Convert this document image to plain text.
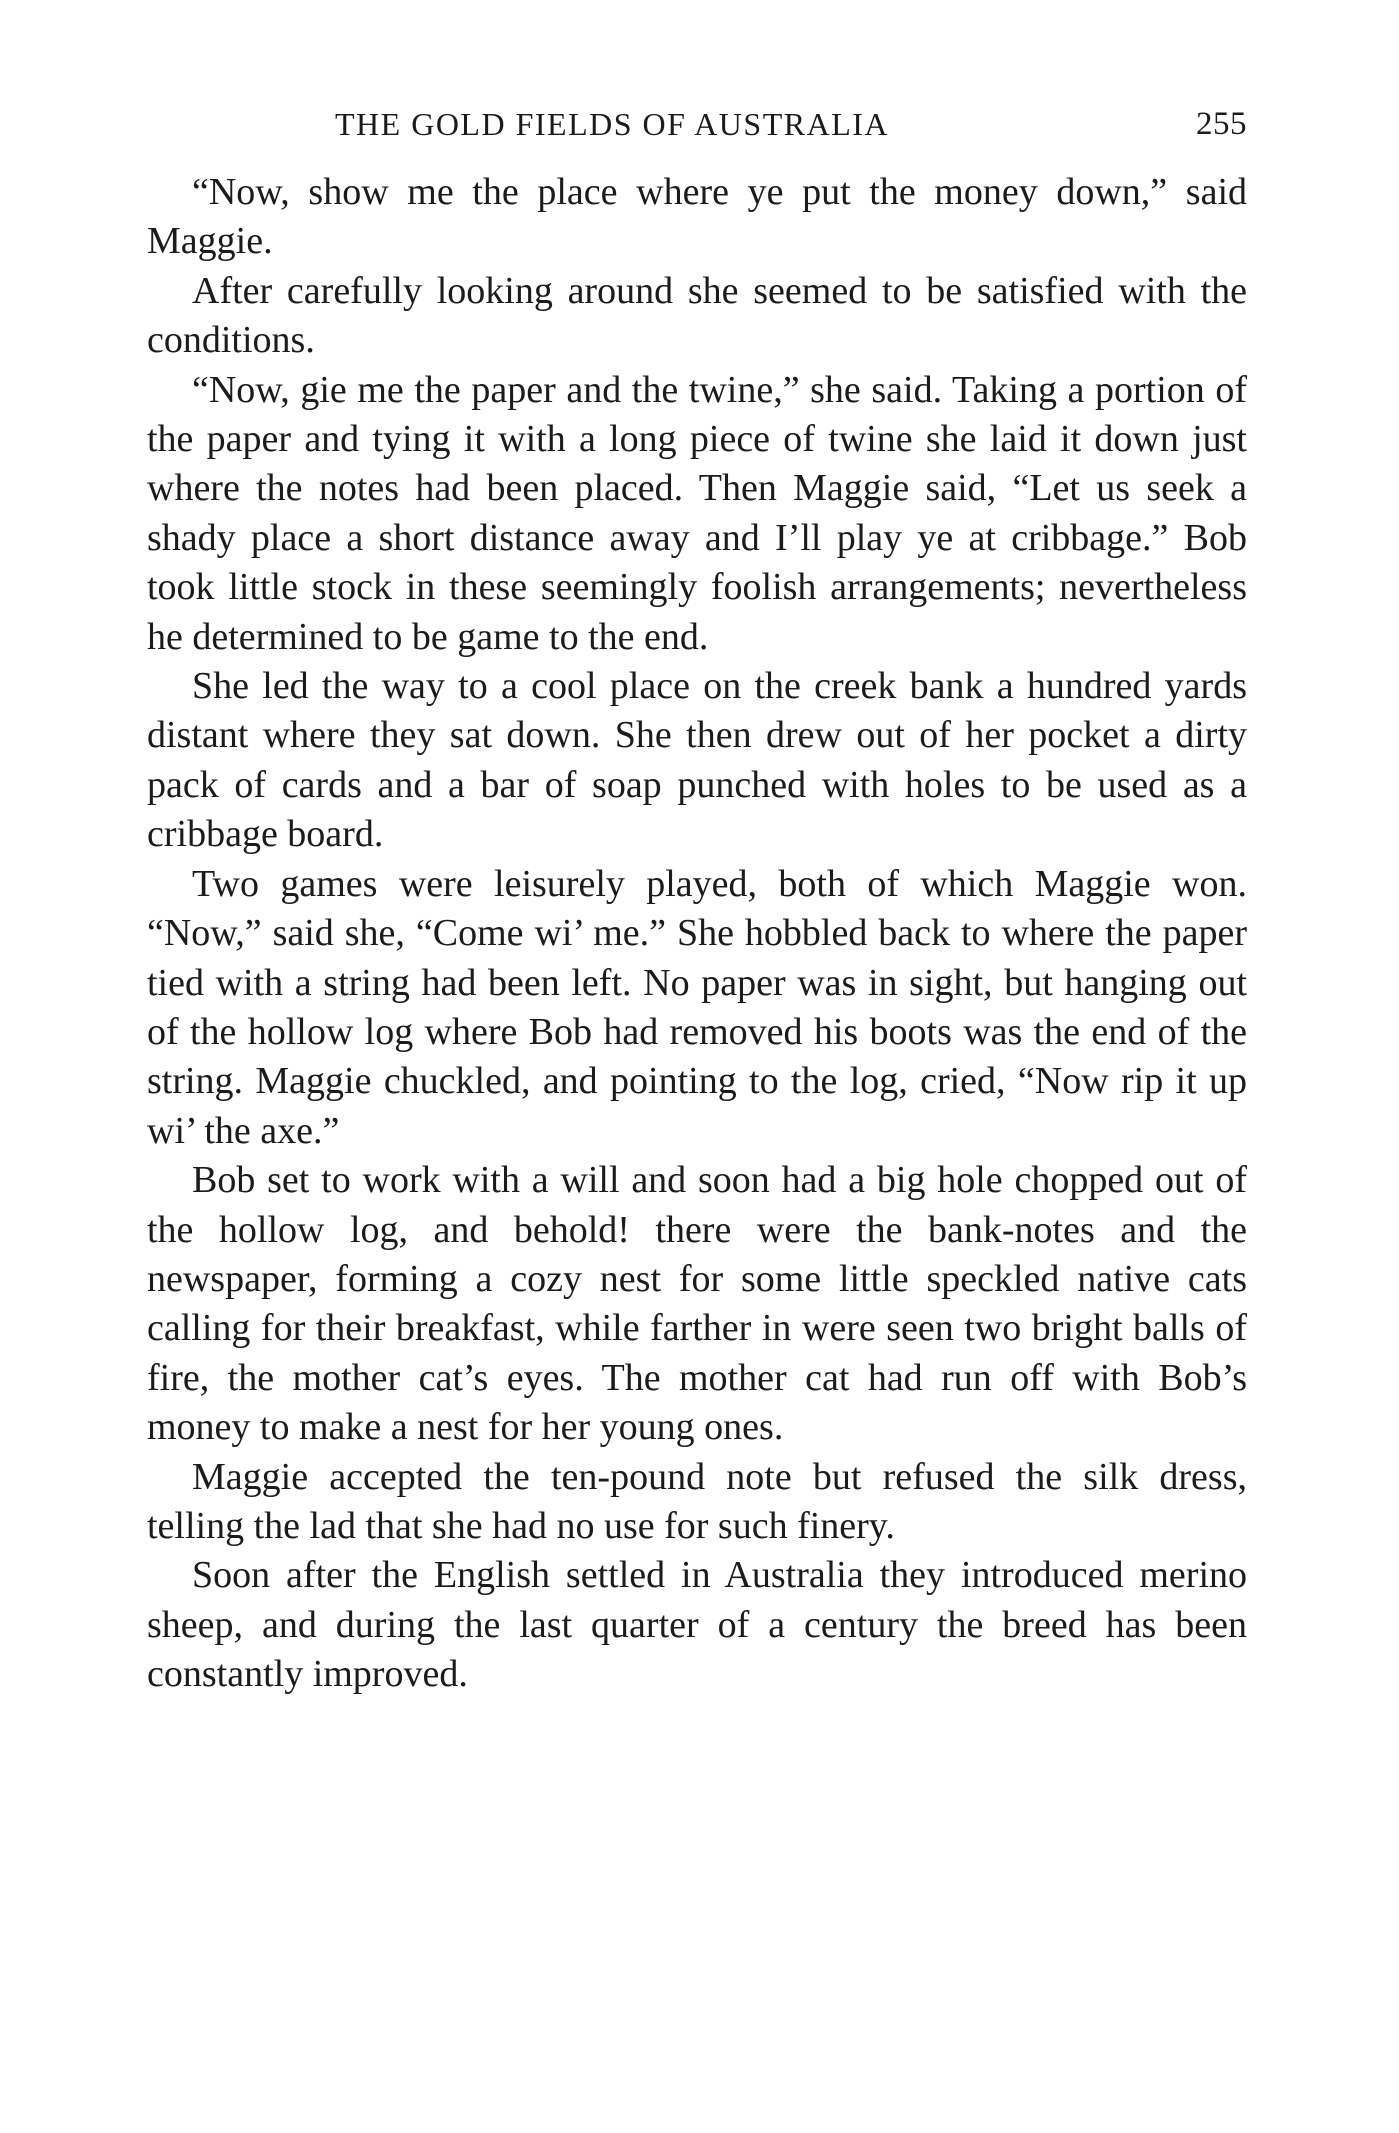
THE GOLD FIELDS OF AUSTRALIA	255

“Now, show me the place where ye put the money down,” said Maggie.

After carefully looking around she seemed to be satisfied with the conditions.

“Now, gie me the paper and the twine,” she said. Taking a portion of the paper and tying it with a long piece of twine she laid it down just where the notes had been placed. Then Maggie said, “Let us seek a shady place a short distance away and I’ll play ye at cribbage.” Bob took little stock in these seemingly foolish arrangements; nevertheless he determined to be game to the end.

She led the way to a cool place on the creek bank a hundred yards distant where they sat down. She then drew out of her pocket a dirty pack of cards and a bar of soap punched with holes to be used as a cribbage board.

Two games were leisurely played, both of which Maggie won. “Now,” said she, “Come wi’ me.” She hobbled back to where the paper tied with a string had been left. No paper was in sight, but hanging out of the hollow log where Bob had removed his boots was the end of the string. Maggie chuckled, and pointing to the log, cried, “Now rip it up wi’ the axe.”

Bob set to work with a will and soon had a big hole chopped out of the hollow log, and behold! there were the bank-notes and the newspaper, forming a cozy nest for some little speckled native cats calling for their breakfast, while farther in were seen two bright balls of fire, the mother cat’s eyes. The mother cat had run off with Bob’s money to make a nest for her young ones.

Maggie accepted the ten-pound note but refused the silk dress, telling the lad that she had no use for such finery.

Soon after the English settled in Australia they introduced merino sheep, and during the last quarter of a century the breed has been constantly improved.
